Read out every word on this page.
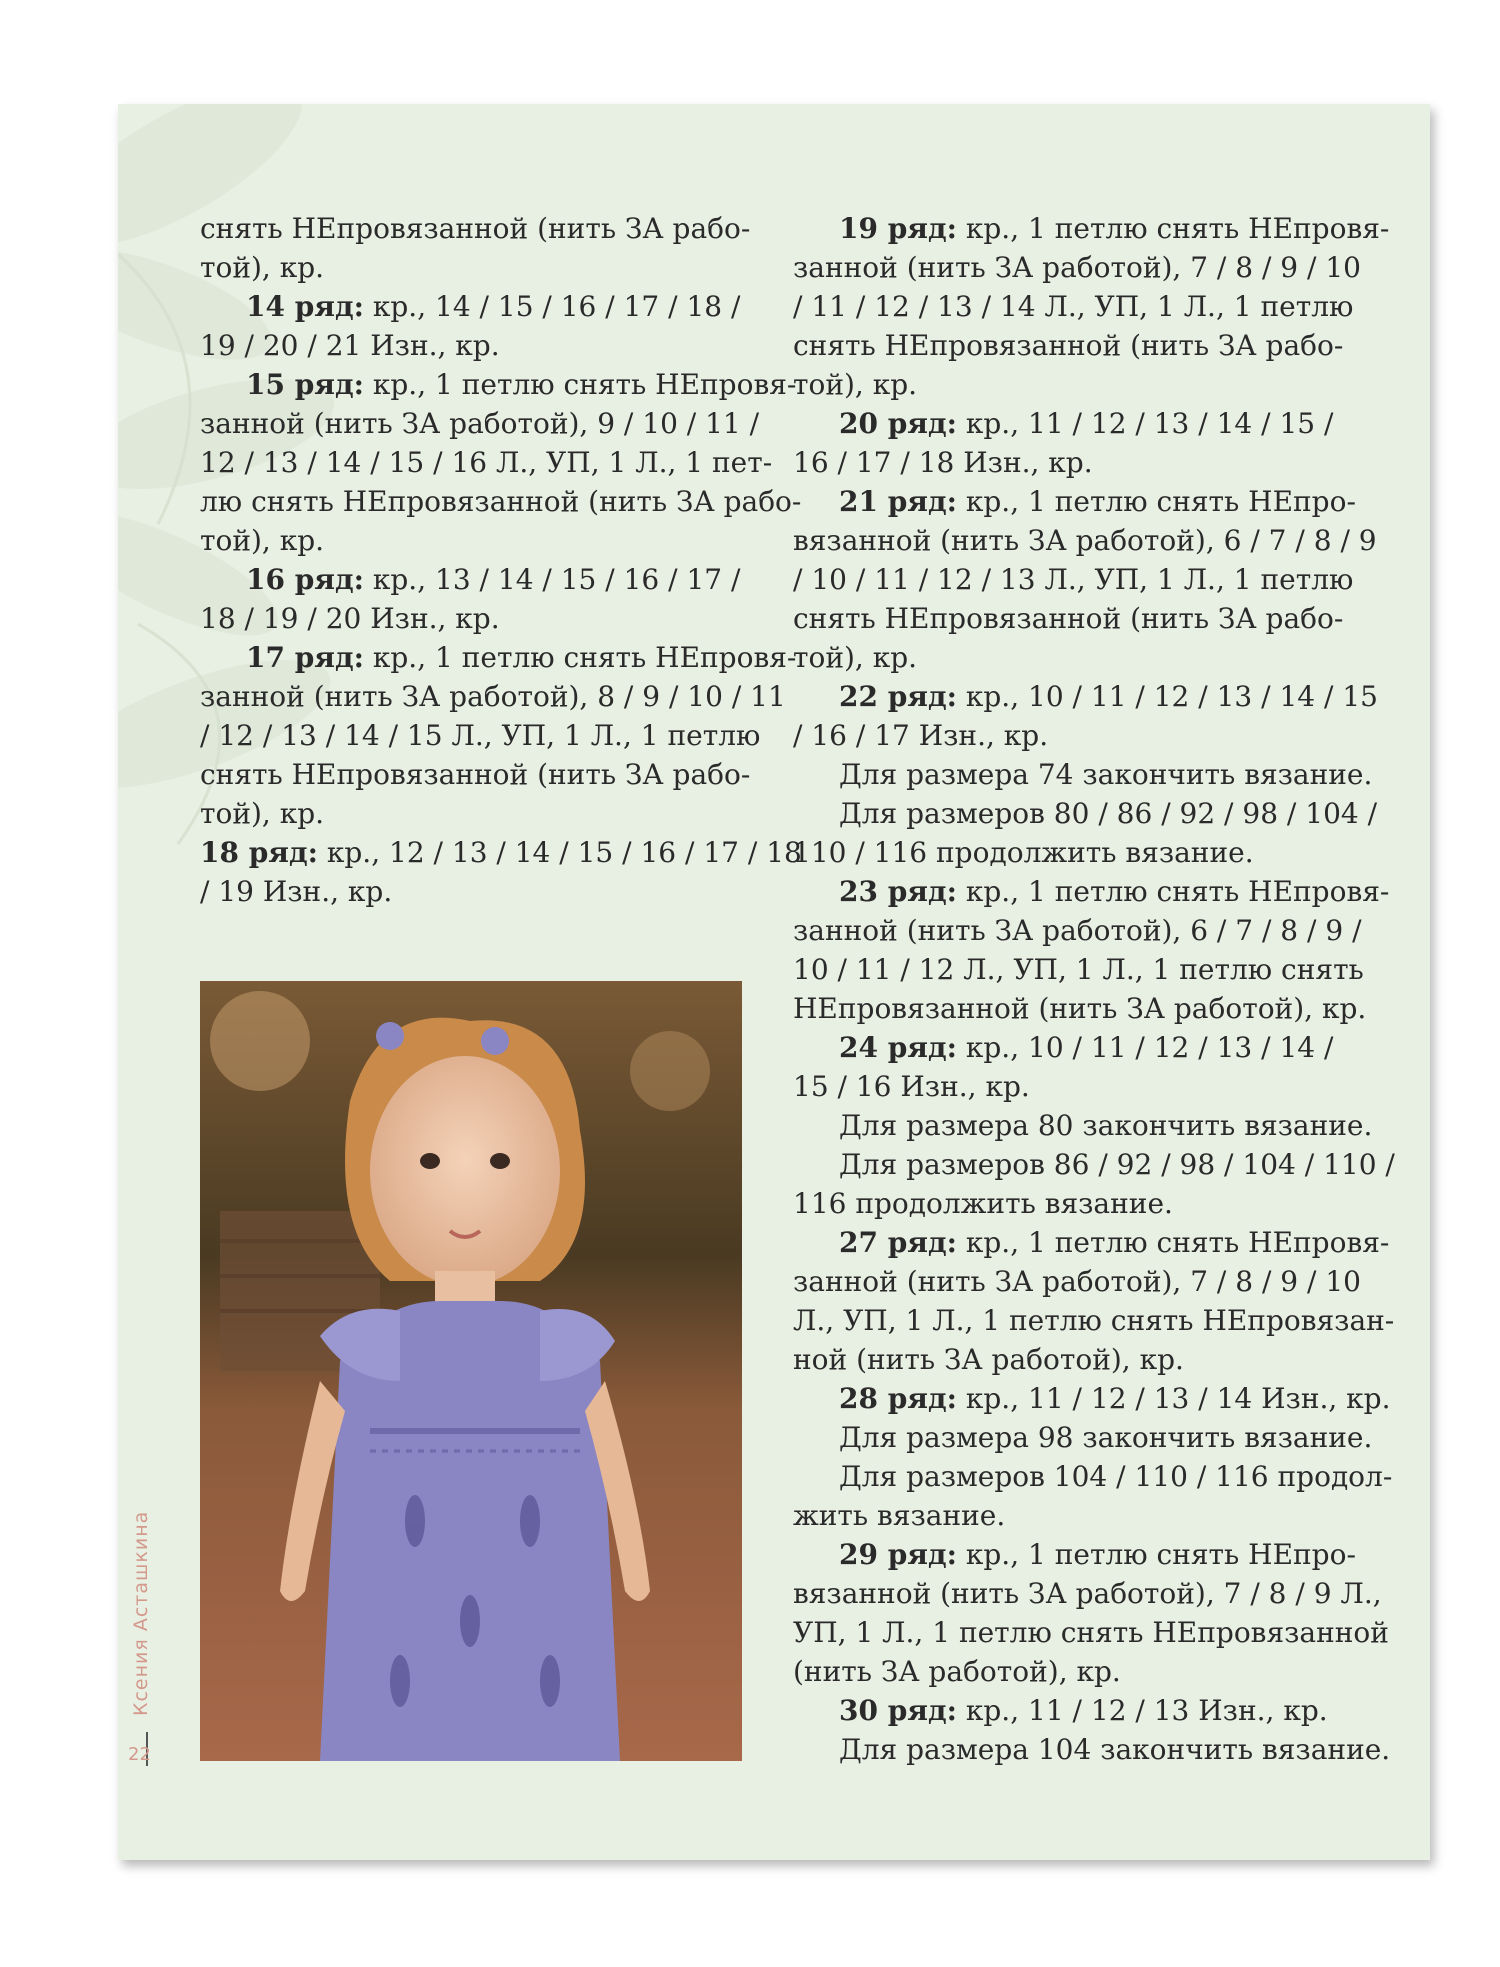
снять НЕпровязанной (нить ЗА рабо-

той), кр.

14 ряд: кр., 14 / 15 / 16 / 17 / 18 /

19 / 20 / 21 Изн., кр.

15 ряд: кр., 1 петлю снять НЕпровя-

занной (нить ЗА работой), 9 / 10 / 11 /

12 / 13 / 14 / 15 / 16 Л., УП, 1 Л., 1 пет-

лю снять НЕпровязанной (нить ЗА рабо-

той), кр.

16 ряд: кр., 13 / 14 / 15 / 16 / 17 /

18 / 19 / 20 Изн., кр.

17 ряд: кр., 1 петлю снять НЕпровя-

занной (нить ЗА работой), 8 / 9 / 10 / 11

/ 12 / 13 / 14 / 15 Л., УП, 1 Л., 1 петлю

снять НЕпровязанной (нить ЗА рабо-

той), кр.

18 ряд: кр., 12 / 13 / 14 / 15 / 16 / 17 / 18

/ 19 Изн., кр.

19 ряд: кр., 1 петлю снять НЕпровя-

занной (нить ЗА работой), 7 / 8 / 9 / 10

/ 11 / 12 / 13 / 14 Л., УП, 1 Л., 1 петлю

снять НЕпровязанной (нить ЗА рабо-

той), кр.

20 ряд: кр., 11 / 12 / 13 / 14 / 15 /

16 / 17 / 18 Изн., кр.

21 ряд: кр., 1 петлю снять НЕпро-

вязанной (нить ЗА работой), 6 / 7 / 8 / 9

/ 10 / 11 / 12 / 13 Л., УП, 1 Л., 1 петлю

снять НЕпровязанной (нить ЗА рабо-

той), кр.

22 ряд: кр., 10 / 11 / 12 / 13 / 14 / 15

/ 16 / 17 Изн., кр.

Для размера 74 закончить вязание.

Для размеров 80 / 86 / 92 / 98 / 104 /

110 / 116 продолжить вязание.

23 ряд: кр., 1 петлю снять НЕпровя-

занной (нить ЗА работой), 6 / 7 / 8 / 9 /

10 / 11 / 12 Л., УП, 1 Л., 1 петлю снять

НЕпровязанной (нить ЗА работой), кр.

24 ряд: кр., 10 / 11 / 12 / 13 / 14 /

15 / 16 Изн., кр.

Для размера 80 закончить вязание.

Для размеров 86 / 92 / 98 / 104 / 110 /

116 продолжить вязание.

27 ряд: кр., 1 петлю снять НЕпровя-

занной (нить ЗА работой), 7 / 8 / 9 / 10

Л., УП, 1 Л., 1 петлю снять НЕпровязан-

ной (нить ЗА работой), кр.

28 ряд: кр., 11 / 12 / 13 / 14 Изн., кр.

Для размера 98 закончить вязание.

Для размеров 104 / 110 / 116 продол-

жить вязание.

29 ряд: кр., 1 петлю снять НЕпро-

вязанной (нить ЗА работой), 7 / 8 / 9 Л.,

УП, 1 Л., 1 петлю снять НЕпровязанной

(нить ЗА работой), кр.

30 ряд: кр., 11 / 12 / 13 Изн., кр.

Для размера 104 закончить вязание.

Ксения Асташкина
22
